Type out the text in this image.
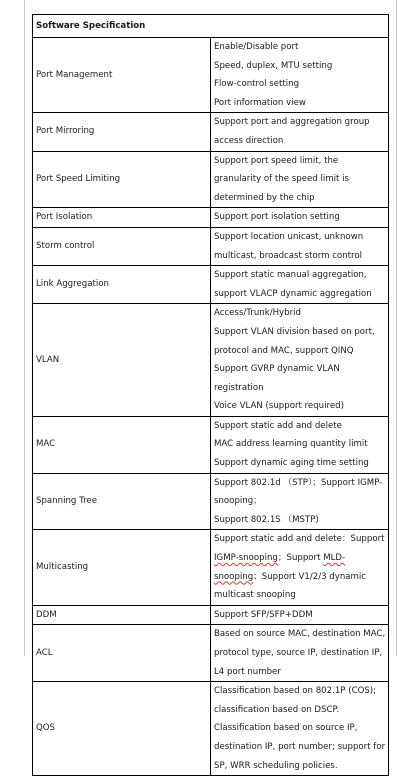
Software Specification	
Port Management	Enable/Disable port
Speed, duplex, MTU setting
Flow-control setting
Port information view

Port Mirroring	Support port and aggregation group access direction

Port Speed Limiting	Support port speed limit, the granularity of the speed limit is determined by the chip

Port Isolation	Support port isolation setting

Storm control	Support location unicast, unknown multicast, broadcast storm control

Link Aggregation	Support static manual aggregation, support VLACP dynamic aggregation

VLAN	Access/Trunk/Hybrid
Support VLAN division based on port, protocol and MAC, support QINQ
Support GVRP dynamic VLAN registration
Voice VLAN (support required)

MAC	Support static add and delete
MAC address learning quantity limit
Support dynamic aging time setting

Spanning Tree	Support 802.1d （STP）；Support IGMP-snooping；
Support 802.1S （MSTP)

Multicasting	Support static add and delete：Support IGMP-snooping；Support MLD-snooping；Support V1/2/3 dynamic multicast snooping

DDM	Support SFP/SFP+DDM

ACL	Based on source MAC, destination MAC, protocol type, source IP, destination IP, L4 port number

QOS	Classification based on 802.1P (COS); classification based on DSCP.
Classification based on source IP, destination IP, port number; support for SP, WRR scheduling policies.
